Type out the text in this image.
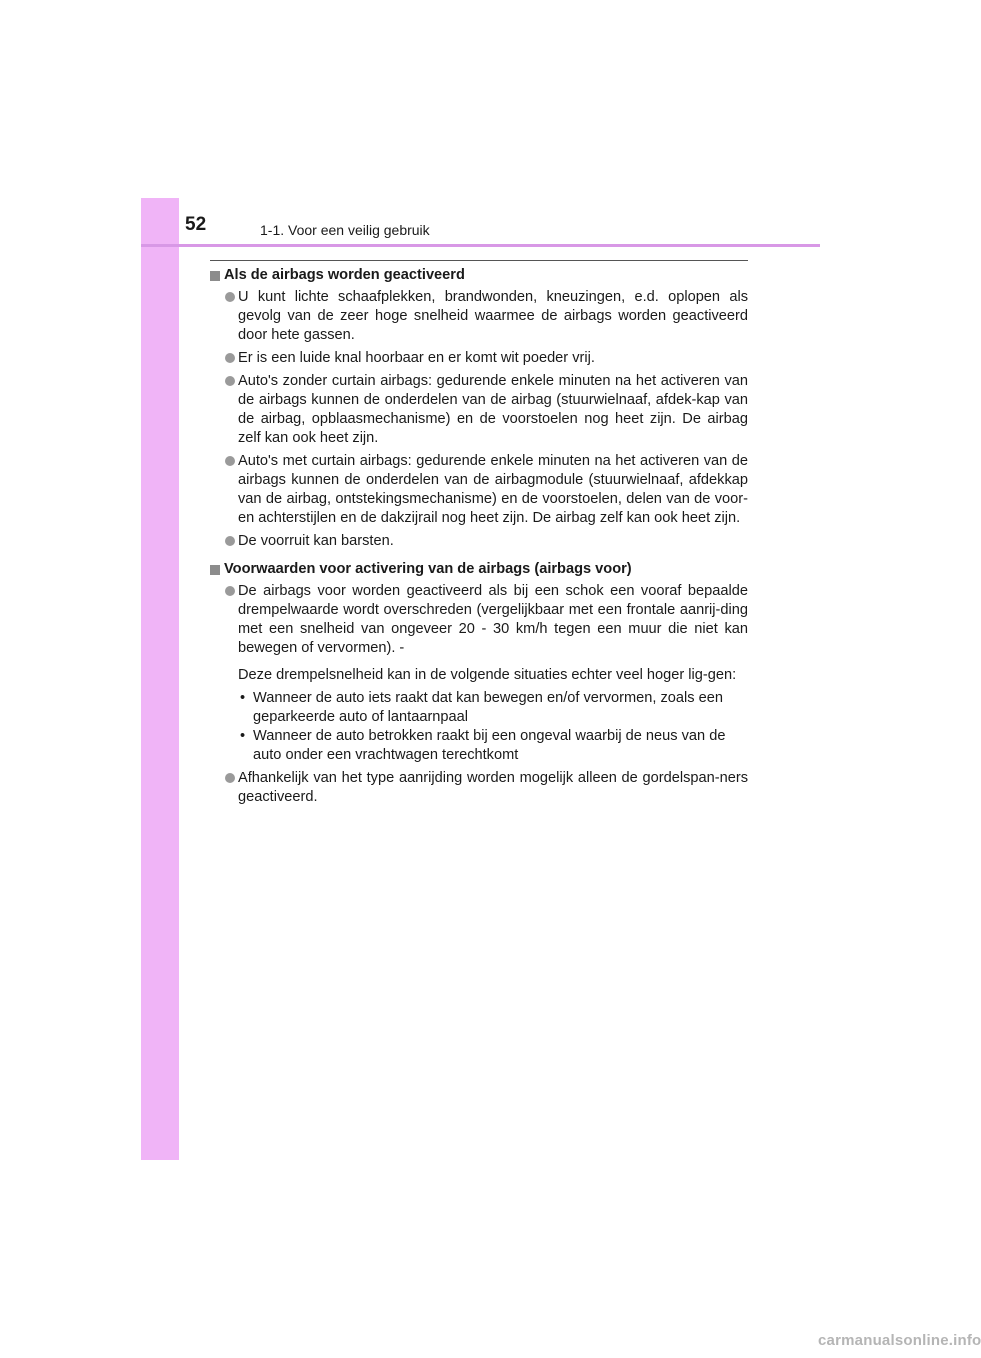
52	1-1. Voor een veilig gebruik
Als de airbags worden geactiveerd
U kunt lichte schaafplekken, brandwonden, kneuzingen, e.d. oplopen als gevolg van de zeer hoge snelheid waarmee de airbags worden geactiveerd door hete gassen.
Er is een luide knal hoorbaar en er komt wit poeder vrij.
Auto's zonder curtain airbags: gedurende enkele minuten na het activeren van de airbags kunnen de onderdelen van de airbag (stuurwielnaaf, afdek-kap van de airbag, opblaasmechanisme) en de voorstoelen nog heet zijn. De airbag zelf kan ook heet zijn.
Auto's met curtain airbags: gedurende enkele minuten na het activeren van de airbags kunnen de onderdelen van de airbagmodule (stuurwielnaaf, afdekkap van de airbag, ontstekingsmechanisme) en de voorstoelen, delen van de voor- en achterstijlen en de dakzijrail nog heet zijn. De airbag zelf kan ook heet zijn.
De voorruit kan barsten.
Voorwaarden voor activering van de airbags (airbags voor)
De airbags voor worden geactiveerd als bij een schok een vooraf bepaalde drempelwaarde wordt overschreden (vergelijkbaar met een frontale aanrij-ding met een snelheid van ongeveer 20 - 30 km/h tegen een muur die niet kan bewegen of vervormen). -
Deze drempelsnelheid kan in de volgende situaties echter veel hoger lig-gen:
• Wanneer de auto iets raakt dat kan bewegen en/of vervormen, zoals een geparkeerde auto of lantaarnpaal
• Wanneer de auto betrokken raakt bij een ongeval waarbij de neus van de auto onder een vrachtwagen terechtkomt
Afhankelijk van het type aanrijding worden mogelijk alleen de gordelspan-ners geactiveerd.
carmanualsonline.info
